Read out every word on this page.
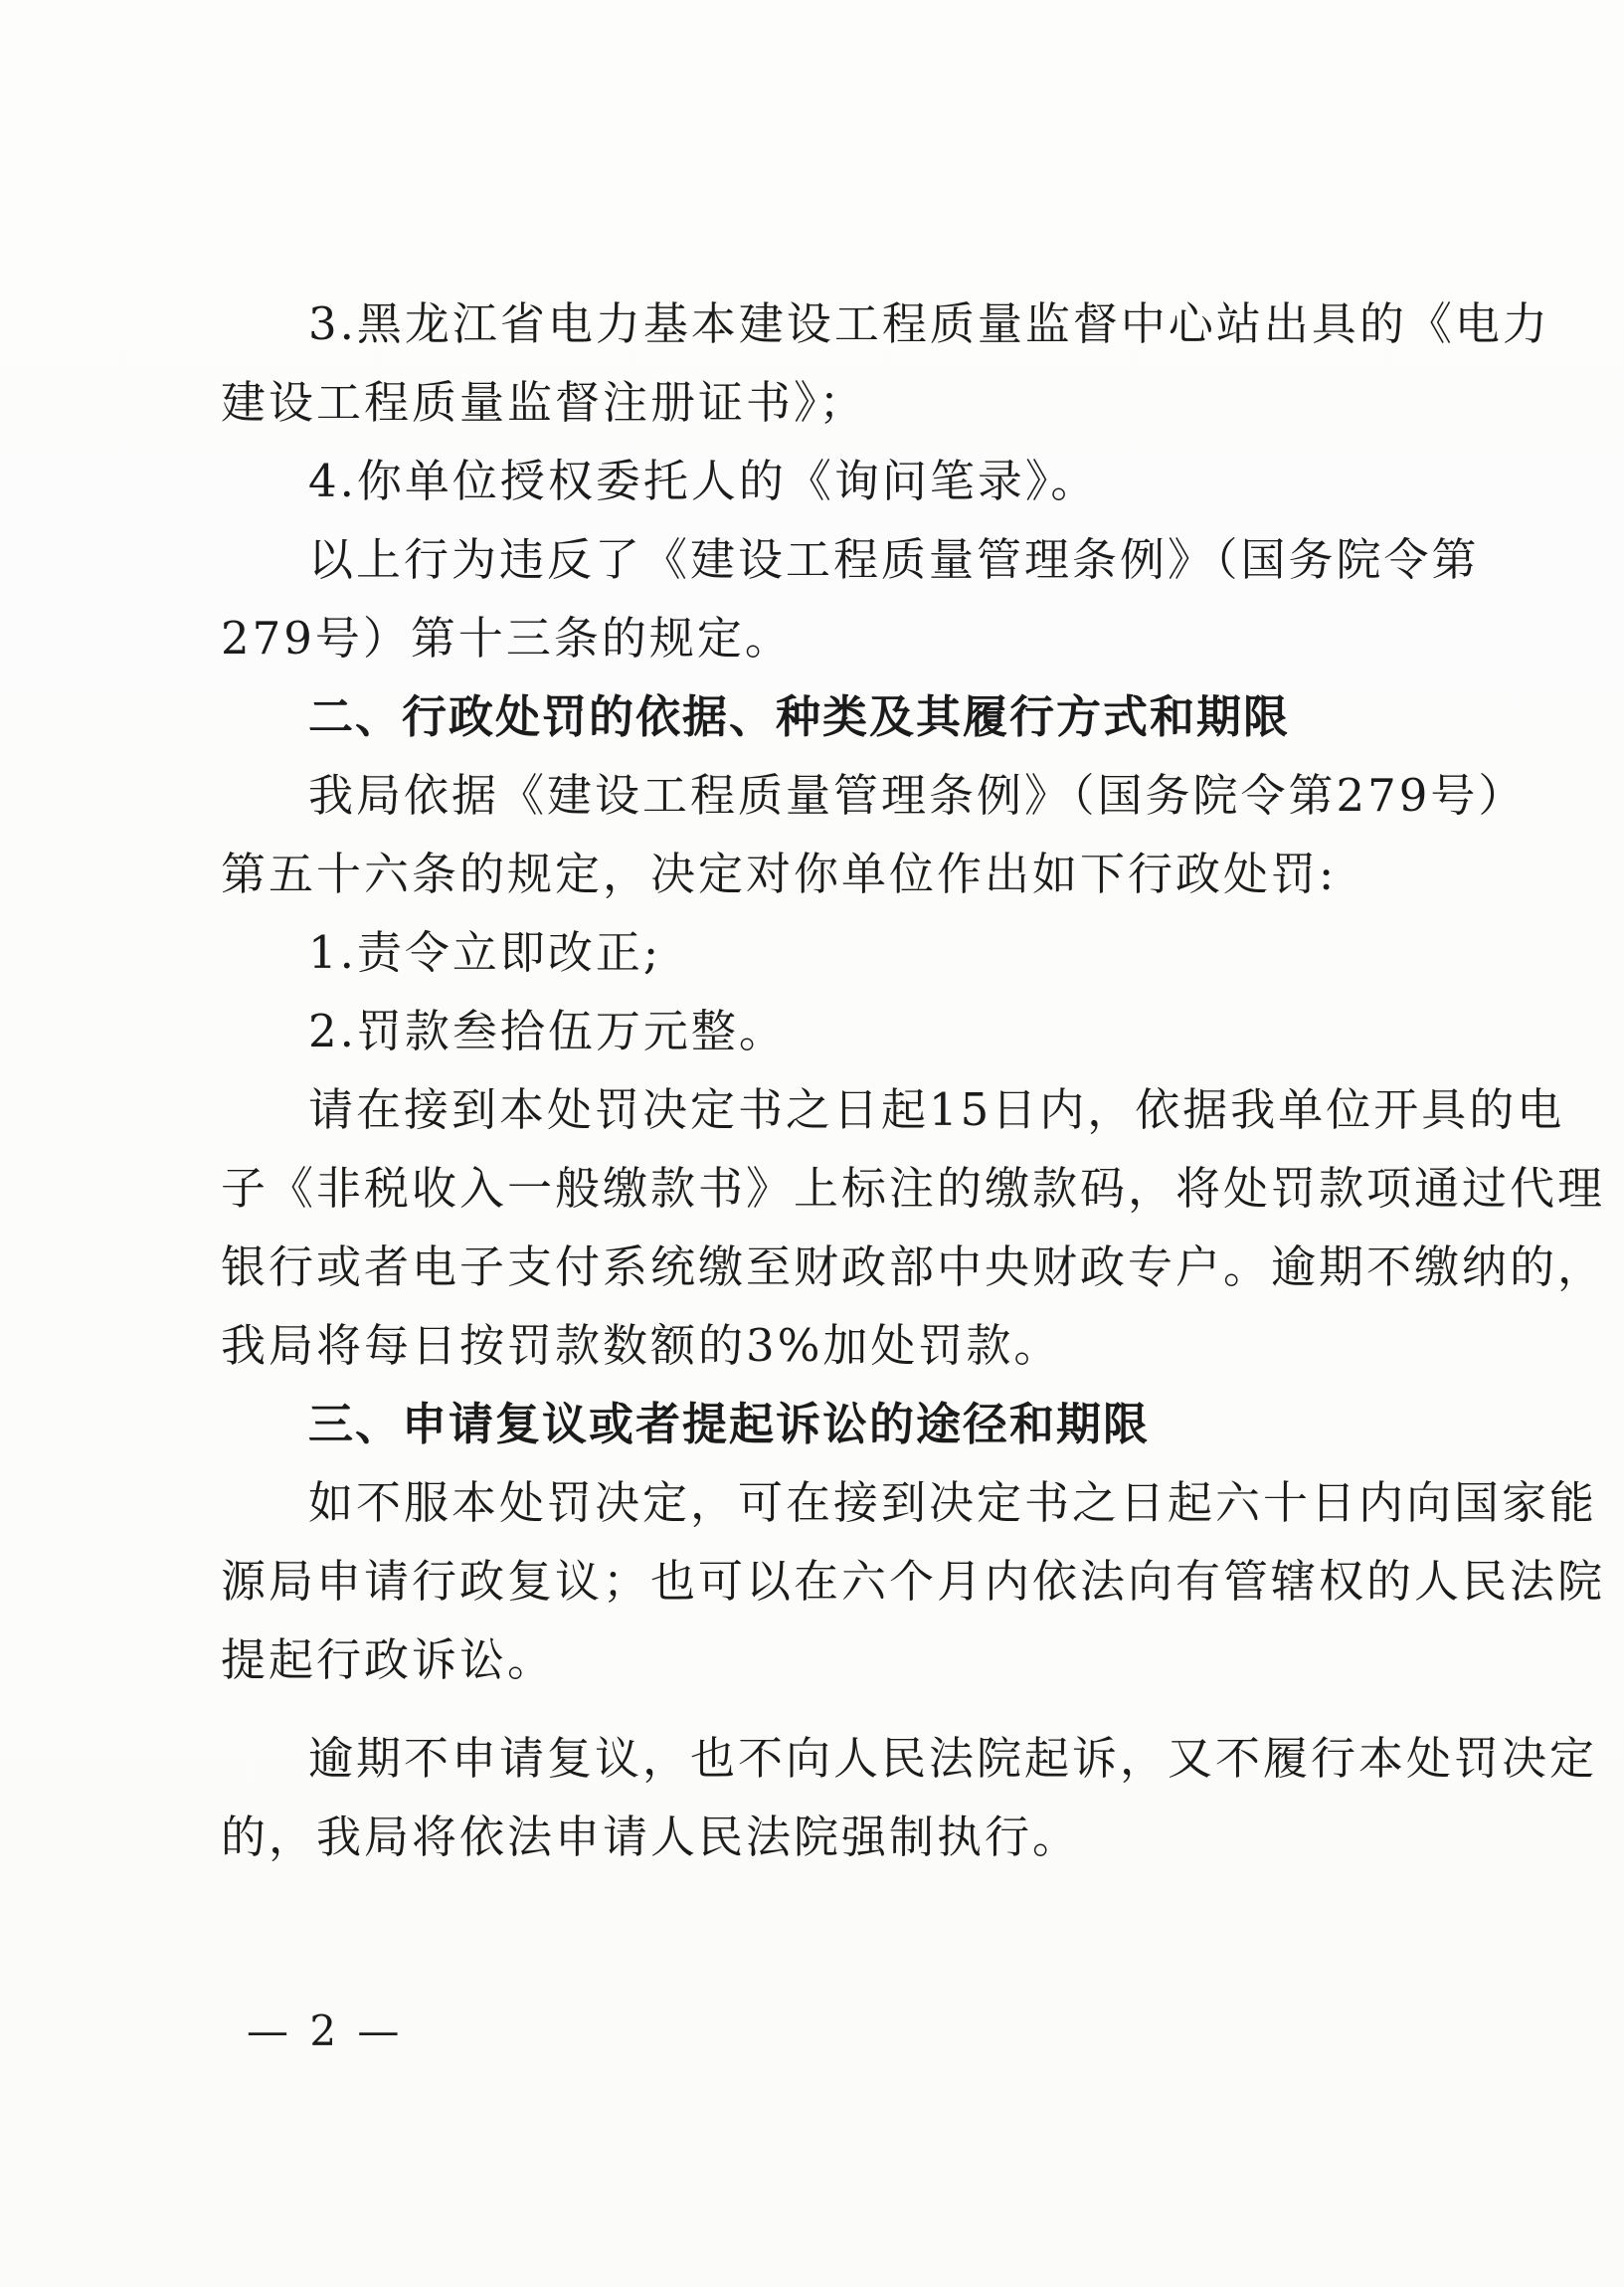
3.黑龙江省电力基本建设工程质量监督中心站出具的《电力
建设工程质量监督注册证书》；
4.你单位授权委托人的《询问笔录》。
以上行为违反了《建设工程质量管理条例》（国务院令第
279号）第十三条的规定。
二、行政处罚的依据、种类及其履行方式和期限
我局依据《建设工程质量管理条例》（国务院令第279号）
第五十六条的规定，决定对你单位作出如下行政处罚:
1.责令立即改正;
2.罚款叁拾伍万元整。
请在接到本处罚决定书之日起15日内，依据我单位开具的电
子《非税收入一般缴款书》上标注的缴款码，将处罚款项通过代理
银行或者电子支付系统缴至财政部中央财政专户。逾期不缴纳的，
我局将每日按罚款数额的3%加处罚款。
三、申请复议或者提起诉讼的途径和期限
如不服本处罚决定，可在接到决定书之日起六十日内向国家能
源局申请行政复议；也可以在六个月内依法向有管辖权的人民法院
提起行政诉讼。
逾期不申请复议，也不向人民法院起诉，又不履行本处罚决定
的，我局将依法申请人民法院强制执行。
— 2 —
